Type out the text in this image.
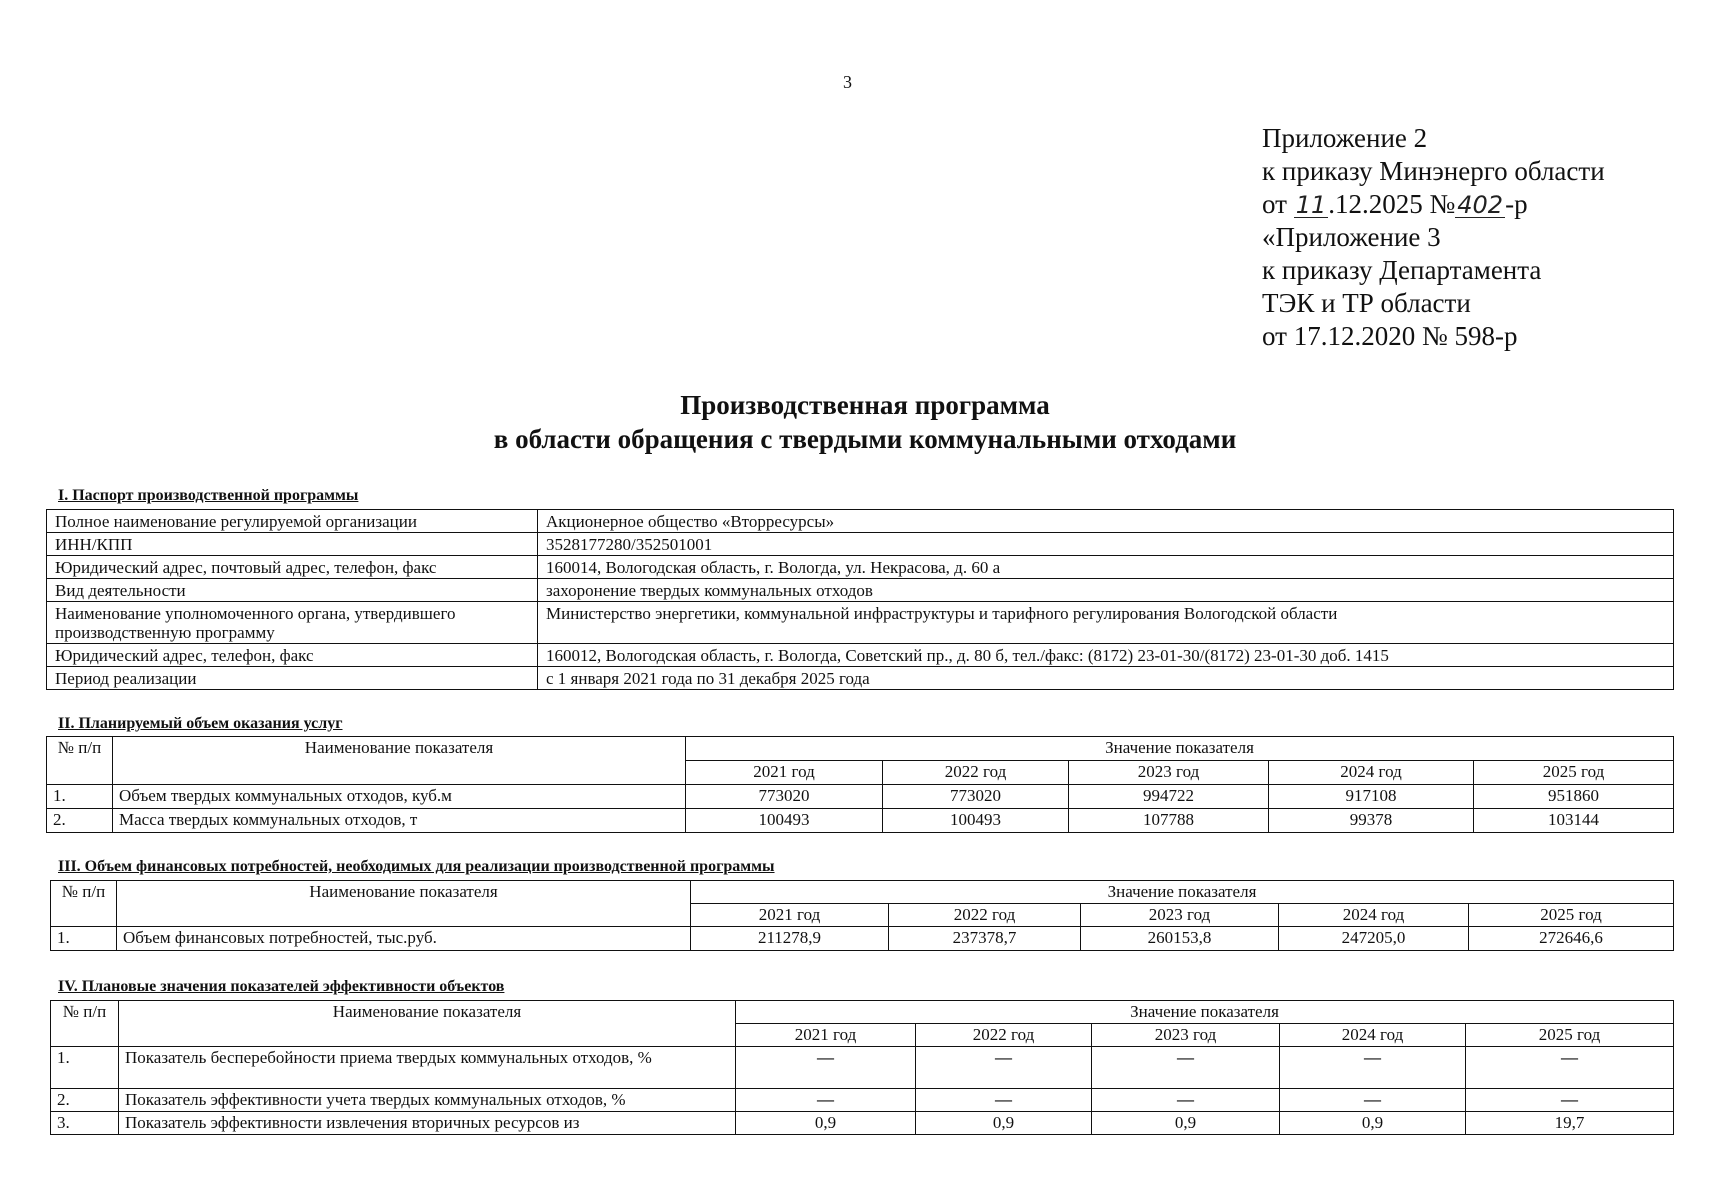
3
Приложение 2
к приказу Минэнерго области
от 11.12.2025 №402-р
«Приложение 3
к приказу Департамента
ТЭК и ТР области
от 17.12.2020 № 598-р
Производственная программа
в области обращения с твердыми коммунальными отходами
I. Паспорт производственной программы
Полное наименование регулируемой организации	Акционерное общество «Вторресурсы»
ИНН/КПП	3528177280/352501001
Юридический адрес, почтовый адрес, телефон, факс	160014, Вологодская область, г. Вологда, ул. Некрасова, д. 60 а
Вид деятельности	захоронение твердых коммунальных отходов
Наименование уполномоченного органа, утвердившего производственную программу	Министерство энергетики, коммунальной инфраструктуры и тарифного регулирования Вологодской области
Юридический адрес, телефон, факс	160012, Вологодская область, г. Вологда, Советский пр., д. 80 б, тел./факс: (8172) 23-01-30/(8172) 23-01-30 доб. 1415
Период реализации	с 1 января 2021 года по 31 декабря 2025 года
II. Планируемый объем оказания услуг
№ п/п	Наименование показателя	Значение показателя				
		2021 год	2022 год	2023 год	2024 год	2025 год
1.	Объем твердых коммунальных отходов, куб.м	773020	773020	994722	917108	951860
2.	Масса твердых коммунальных отходов, т	100493	100493	107788	99378	103144
III. Объем финансовых потребностей, необходимых для реализации производственной программы
№ п/п	Наименование показателя	Значение показателя				
		2021 год	2022 год	2023 год	2024 год	2025 год
1.	Объем финансовых потребностей, тыс.руб.	211278,9	237378,7	260153,8	247205,0	272646,6
IV. Плановые значения показателей эффективности объектов
№ п/п	Наименование показателя	Значение показателя				
		2021 год	2022 год	2023 год	2024 год	2025 год
1.	Показатель бесперебойности приема твердых коммунальных отходов, %	—	—	—	—	—
2.	Показатель эффективности учета твердых коммунальных отходов, %	—	—	—	—	—
3.	Показатель эффективности извлечения вторичных ресурсов из	0,9	0,9	0,9	0,9	19,7
